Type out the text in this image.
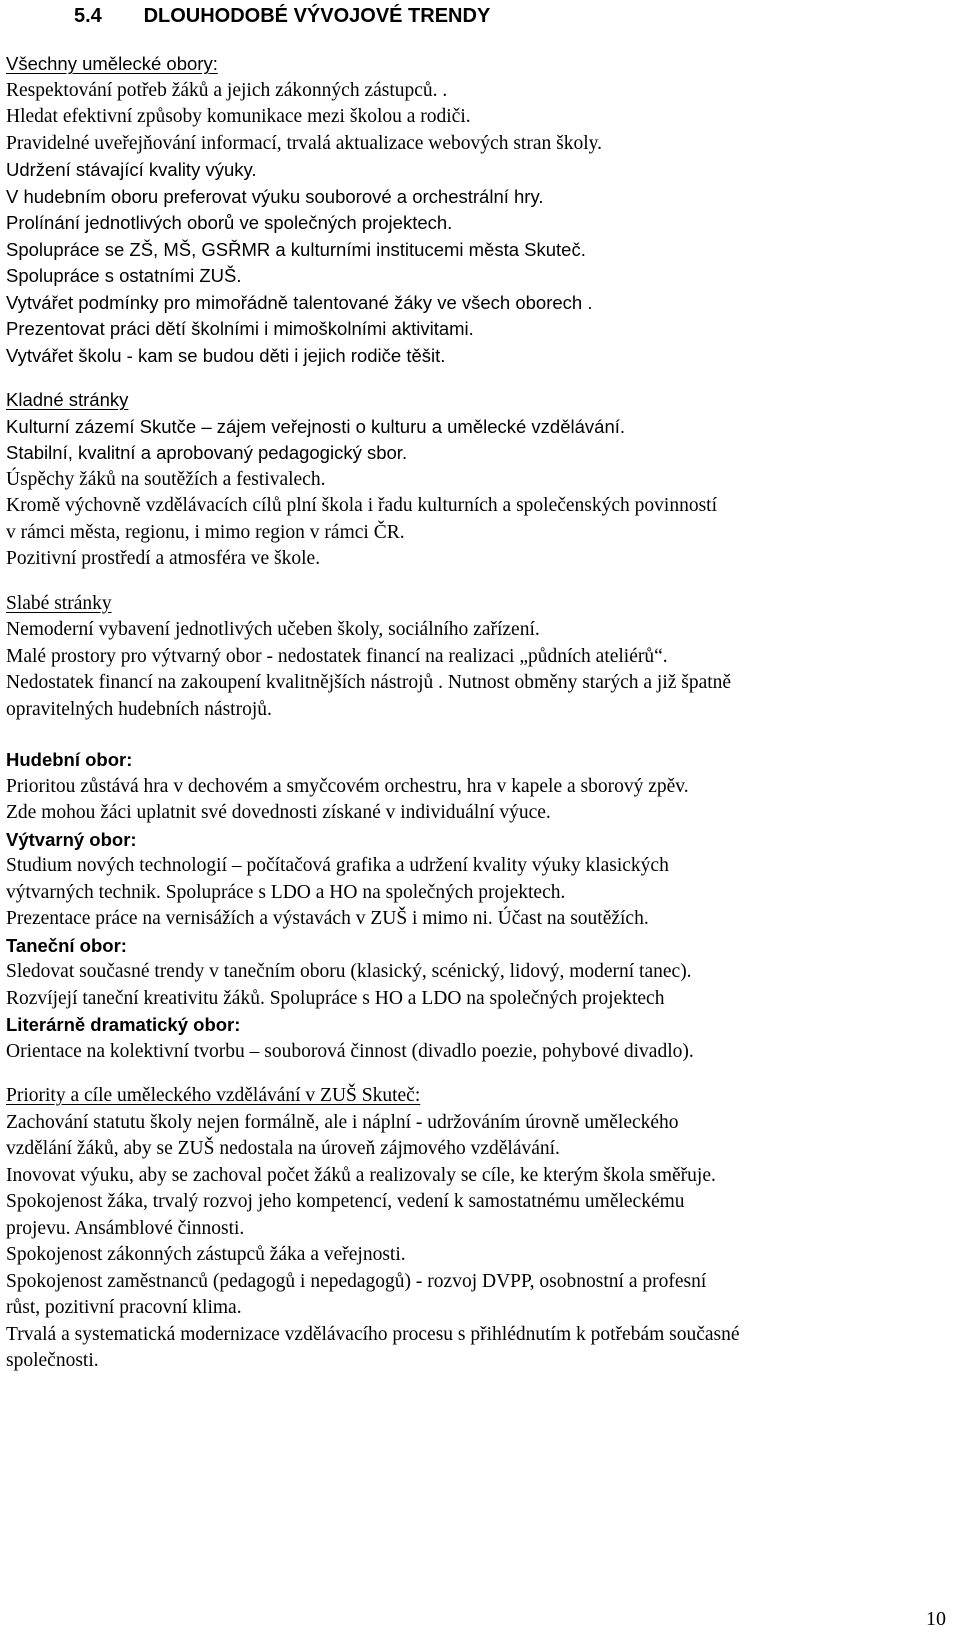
5.4 DLOUHODOBÉ VÝVOJOVÉ TRENDY

Všechny umělecké obory:

Respektování potřeb žáků a jejich zákonných zástupců. .

Hledat efektivní způsoby komunikace mezi školou a rodiči.

Pravidelné uveřejňování informací, trvalá aktualizace webových stran školy.

Udržení stávající kvality výuky.

V hudebním oboru preferovat výuku souborové a orchestrální hry.

Prolínání jednotlivých oborů ve společných projektech.

Spolupráce se ZŠ, MŠ, GSŘMR a kulturními institucemi města Skuteč.

Spolupráce s ostatními ZUŠ.

Vytvářet podmínky pro mimořádně talentované žáky ve všech oborech .

Prezentovat práci dětí školními i mimoškolními aktivitami.

Vytvářet školu - kam se budou děti i jejich rodiče těšit.

Kladné stránky

Kulturní zázemí Skutče – zájem veřejnosti o kulturu a umělecké vzdělávání.

Stabilní, kvalitní a aprobovaný pedagogický sbor.

Úspěchy žáků na soutěžích a festivalech.

Kromě výchovně vzdělávacích cílů plní škola i řadu kulturních a společenských povinností

v rámci města, regionu, i mimo region v rámci ČR.

Pozitivní prostředí a atmosféra ve škole.

Slabé stránky

Nemoderní vybavení jednotlivých učeben školy, sociálního zařízení.

Malé prostory pro výtvarný obor - nedostatek financí na realizaci „půdních ateliérů“.

Nedostatek financí na zakoupení kvalitnějších nástrojů . Nutnost obměny starých a již špatně

opravitelných hudebních nástrojů.

Hudební obor:

Prioritou zůstává hra v dechovém a smyčcovém orchestru, hra v kapele a sborový zpěv.

Zde mohou žáci uplatnit své dovednosti získané v individuální výuce.

Výtvarný obor:

Studium nových technologií – počítačová grafika a udržení kvality výuky klasických

výtvarných technik. Spolupráce s LDO a HO na společných projektech.

Prezentace práce na vernisážích a výstavách v ZUŠ i mimo ni. Účast na soutěžích.

Taneční obor:

Sledovat současné trendy v tanečním oboru (klasický, scénický, lidový, moderní tanec).

Rozvíjejí taneční kreativitu žáků. Spolupráce s HO a LDO na společných projektech

Literárně dramatický obor:

Orientace na kolektivní tvorbu – souborová činnost (divadlo poezie, pohybové divadlo).

Priority a cíle uměleckého vzdělávání v ZUŠ Skuteč:

Zachování statutu školy nejen formálně, ale i náplní - udržováním úrovně uměleckého

vzdělání žáků, aby se ZUŠ nedostala na úroveň zájmového vzdělávání.

Inovovat výuku, aby se zachoval počet žáků a realizovaly se cíle, ke kterým škola směřuje.

Spokojenost žáka, trvalý rozvoj jeho kompetencí, vedení k samostatnému uměleckému

projevu. Ansámblové činnosti.

Spokojenost zákonných zástupců žáka a veřejnosti.

Spokojenost zaměstnanců (pedagogů i nepedagogů) - rozvoj DVPP, osobnostní a profesní

růst, pozitivní pracovní klima.

Trvalá a systematická modernizace vzdělávacího procesu s přihlédnutím k potřebám současné

společnosti.

10
